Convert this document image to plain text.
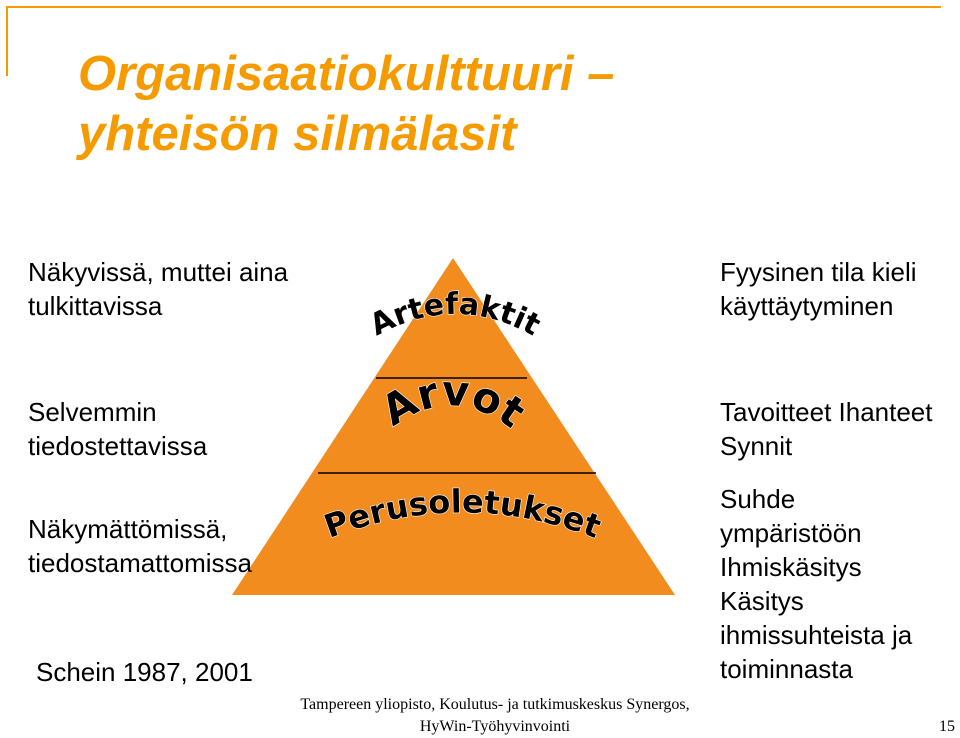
Organisaatiokulttuuri –
yhteisön silmälasit
Artefaktit
Arvot
Perusoletukset
Näkyvissä, muttei aina
tulkittavissa
Selvemmin
tiedostettavissa
Näkymättömissä,
tiedostamattomissa
Fyysinen tila kieli
käyttäytyminen
Tavoitteet Ihanteet
Synnit
Suhde
ympäristöön
Ihmiskäsitys
Käsitys
ihmissuhteista ja
toiminnasta
Schein 1987, 2001
Tampereen yliopisto, Koulutus- ja tutkimuskeskus Synergos,
HyWin-Työhyvinvointi	15
